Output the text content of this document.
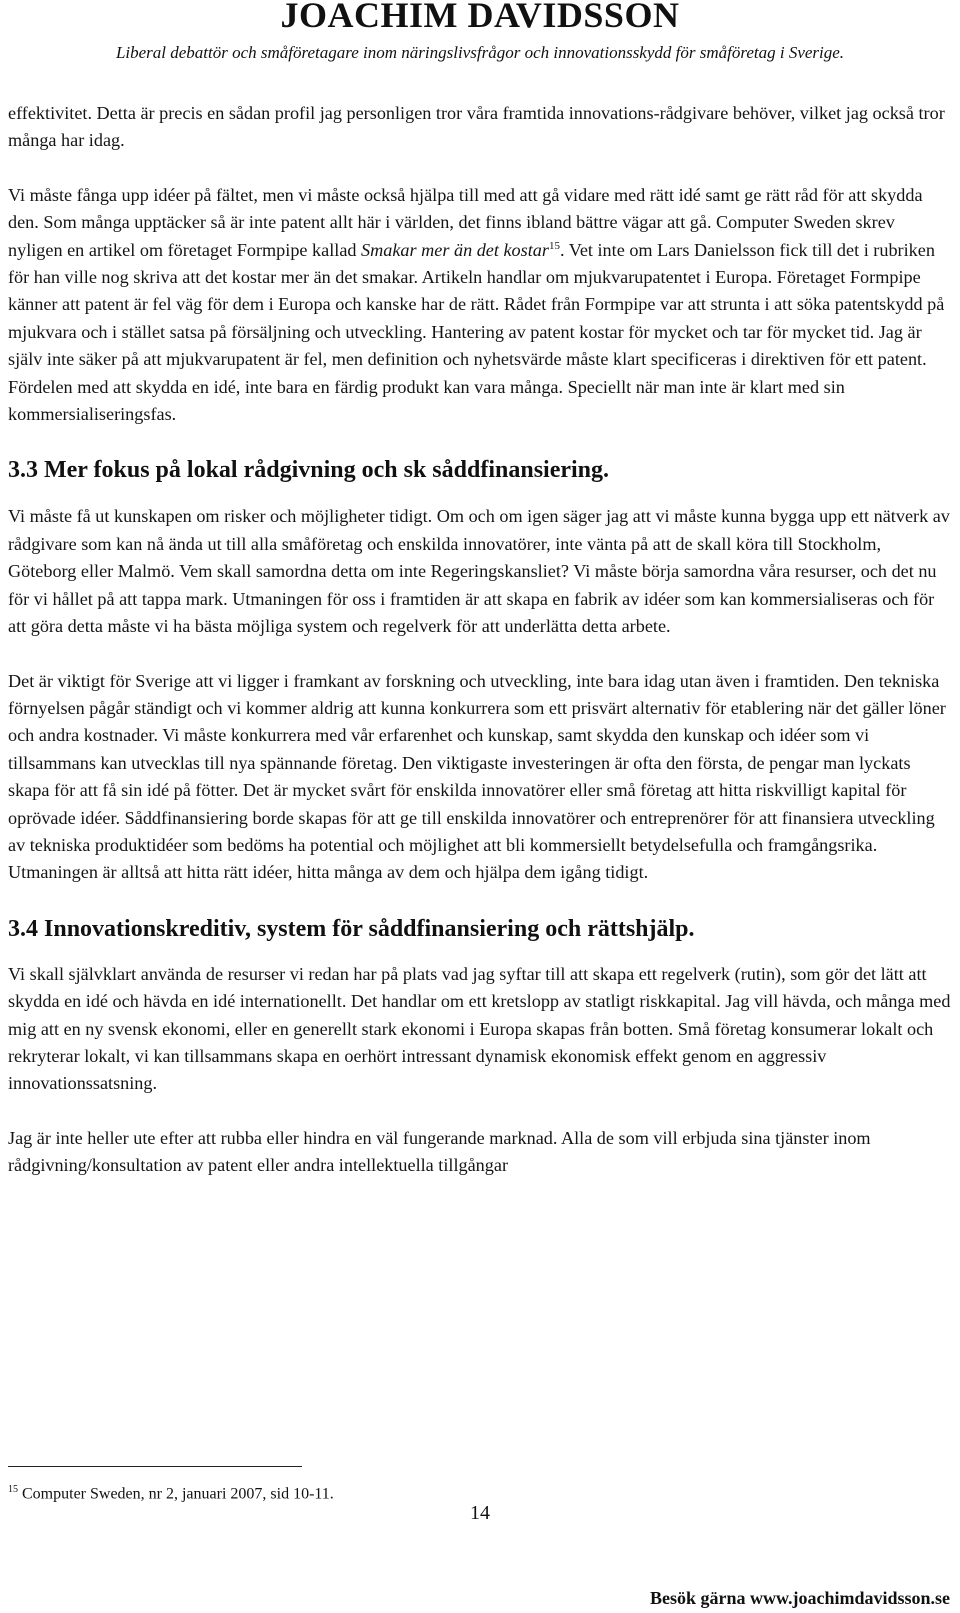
JOACHIM DAVIDSSON
Liberal debattör och småföretagare inom näringslivsfrågor och innovationsskydd för småföretag i Sverige.

effektivitet. Detta är precis en sådan profil jag personligen tror våra framtida innovations-rådgivare behöver, vilket jag också tror många har idag.

Vi måste fånga upp idéer på fältet, men vi måste också hjälpa till med att gå vidare med rätt idé samt ge rätt råd för att skydda den. Som många upptäcker så är inte patent allt här i världen, det finns ibland bättre vägar att gå. Computer Sweden skrev nyligen en artikel om företaget Formpipe kallad Smakar mer än det kostar$^{15}$. Vet inte om Lars Danielsson fick till det i rubriken för han ville nog skriva att det kostar mer än det smakar. Artikeln handlar om mjukvarupatentet i Europa. Företaget Formpipe känner att patent är fel väg för dem i Europa och kanske har de rätt. Rådet från Formpipe var att strunta i att söka patentskydd på mjukvara och i stället satsa på försäljning och utveckling. Hantering av patent kostar för mycket och tar för mycket tid. Jag är själv inte säker på att mjukvarupatent är fel, men definition och nyhetsvärde måste klart specificeras i direktiven för ett patent. Fördelen med att skydda en idé, inte bara en färdig produkt kan vara många. Speciellt när man inte är klart med sin kommersialiseringsfas.

3.3 Mer fokus på lokal rådgivning och sk såddfinansiering.

Vi måste få ut kunskapen om risker och möjligheter tidigt. Om och om igen säger jag att vi måste kunna bygga upp ett nätverk av rådgivare som kan nå ända ut till alla småföretag och enskilda innovatörer, inte vänta på att de skall köra till Stockholm, Göteborg eller Malmö. Vem skall samordna detta om inte Regeringskansliet? Vi måste börja samordna våra resurser, och det nu för vi hållet på att tappa mark. Utmaningen för oss i framtiden är att skapa en fabrik av idéer som kan kommersialiseras och för att göra detta måste vi ha bästa möjliga system och regelverk för att underlätta detta arbete.

Det är viktigt för Sverige att vi ligger i framkant av forskning och utveckling, inte bara idag utan även i framtiden. Den tekniska förnyelsen pågår ständigt och vi kommer aldrig att kunna konkurrera som ett prisvärt alternativ för etablering när det gäller löner och andra kostnader. Vi måste konkurrera med vår erfarenhet och kunskap, samt skydda den kunskap och idéer som vi tillsammans kan utvecklas till nya spännande företag. Den viktigaste investeringen är ofta den första, de pengar man lyckats skapa för att få sin idé på fötter. Det är mycket svårt för enskilda innovatörer eller små företag att hitta riskvilligt kapital för oprövade idéer. Såddfinansiering borde skapas för att ge till enskilda innovatörer och entreprenörer för att finansiera utveckling av tekniska produktidéer som bedöms ha potential och möjlighet att bli kommersiellt betydelsefulla och framgångsrika. Utmaningen är alltså att hitta rätt idéer, hitta många av dem och hjälpa dem igång tidigt.

3.4 Innovationskreditiv, system för såddfinansiering och rättshjälp.

Vi skall självklart använda de resurser vi redan har på plats vad jag syftar till att skapa ett regelverk (rutin), som gör det lätt att skydda en idé och hävda en idé internationellt. Det handlar om ett kretslopp av statligt riskkapital. Jag vill hävda, och många med mig att en ny svensk ekonomi, eller en generellt stark ekonomi i Europa skapas från botten. Små företag konsumerar lokalt och rekryterar lokalt, vi kan tillsammans skapa en oerhört intressant dynamisk ekonomisk effekt genom en aggressiv innovationssatsning.

Jag är inte heller ute efter att rubba eller hindra en väl fungerande marknad. Alla de som vill erbjuda sina tjänster inom rådgivning/konsultation av patent eller andra intellektuella tillgångar

$^{15}$ Computer Sweden, nr 2, januari 2007, sid 10-11.
14
Besök gärna www.joachimdavidsson.se
